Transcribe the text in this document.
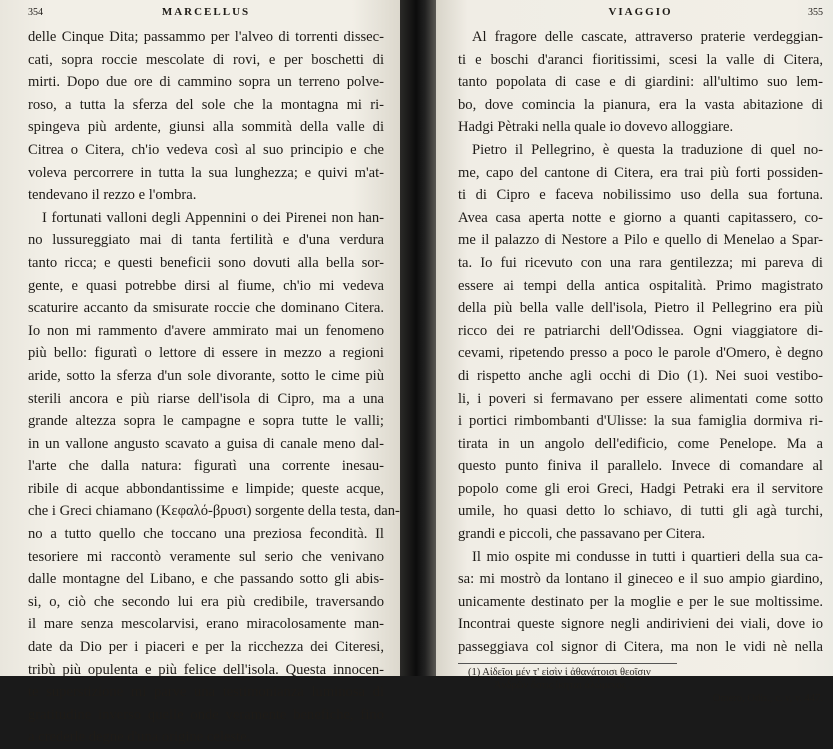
354	MARCELLUS
delle Cinque Dita; passammo per l'alveo di torrenti dissec-
cati, sopra roccie mescolate di rovi, e per boschetti di
mirti. Dopo due ore di cammino sopra un terreno polve-
roso, a tutta la sferza del sole che la montagna mi ri-
spingeva più ardente, giunsi alla sommità della valle di
Citrea o Citera, ch'io vedeva così al suo principio e che
voleva percorrere in tutta la sua lunghezza; e quivi m'at-
tendevano il rezzo e l'ombra.
I fortunati valloni degli Appennini o dei Pirenei non han-
no lussureggiato mai di tanta fertilità e d'una verdura
tanto ricca; e questi beneficii sono dovuti alla bella sor-
gente, e quasi potrebbe dirsi al fiume, ch'io mi vedeva
scaturire accanto da smisurate roccie che dominano Citera.
Io non mi rammento d'avere ammirato mai un fenomeno
più bello: figuratì o lettore di essere in mezzo a regioni
aride, sotto la sferza d'un sole divorante, sotto le cime più
sterili ancora e più riarse dell'isola di Cipro, ma a una
grande altezza sopra le campagne e sopra tutte le valli;
in un vallone angusto scavato a guisa di canale meno dal-
l'arte che dalla natura: figuratì una corrente inesau-
ribile di acque abbondantissime e limpide; queste acque,
che i Greci chiamano (Κεφαλό-βρυσι) sorgente della testa, dan-
no a tutto quello che toccano una preziosa fecondità. Il
tesoriere mi raccontò veramente sul serio che venivano
dalle montagne del Libano, e che passando sotto gli abis-
si, o, ciò che secondo lui era più credibile, traversando
il mare senza mescolarvisi, erano miracolosamente man-
date da Dio per i piaceri e per la ricchezza dei Citeresi,
tribù più opulenta e più felice dell'isola. Questa innocen-
te superstizione mi parve una testimonianza luminosa di
gratitudine inverso quelle onde veramente benefiche, fino
a crederle degne d'una origine celeste.
VIAGGIO	355
Al fragore delle cascate, attraverso praterie verdeggian-
ti e boschi d'aranci fioritissimi, scesi la valle di Citera,
tanto popolata di case e di giardini: all'ultimo suo lem-
bo, dove comincia la pianura, era la vasta abitazione di
Hadgi Pètraki nella quale io dovevo alloggiare.
Pietro il Pellegrino, è questa la traduzione di quel no-
me, capo del cantone di Citera, era trai più forti possiden-
ti di Cipro e faceva nobilissimo uso della sua fortuna.
Avea casa aperta notte e giorno a quanti capitassero, co-
me il palazzo di Nestore a Pilo e quello di Menelao a Spar-
ta. Io fui ricevuto con una rara gentilezza; mi pareva di
essere ai tempi della antica ospitalità. Primo magistrato
della più bella valle dell'isola, Pietro il Pellegrino era più
ricco dei re patriarchi dell'Odissea. Ogni viaggiatore di-
cevami, ripetendo presso a poco le parole d'Omero, è degno
di rispetto anche agli occhi di Dio (1). Nei suoi vestibo-
li, i poveri si fermavano per essere alimentati come sotto
i portici rimbombanti d'Ulisse: la sua famiglia dormiva ri-
tirata in un angolo dell'edificio, come Penelope. Ma a
questo punto finiva il parallelo. Invece di comandare al
popolo come gli eroi Greci, Hadgi Petraki era il servitore
umile, ho quasi detto lo schiavo, di tutti gli agà turchi,
grandi e piccoli, che passavano per Citera.
Il mio ospite mi condusse in tutti i quartieri della sua ca-
sa: mi mostrò da lontano il gineceo e il suo ampio giardino,
unicamente destinato per la moglie e per le sue moltissime.
Incontrai queste signore negli andirivieni dei viali, dove io
passeggiava col signor di Citera, ma non le vidi nè nella
(1) Αἰδεῖοι μέν τ' εἰσὶν ἱ ἀθανάτοισι θεοῖσιν
Ἀνδρῶν ὅστις ἵκηται ἀλώμενος . . . . .
Omero, Odis., c. v, v. 447.
